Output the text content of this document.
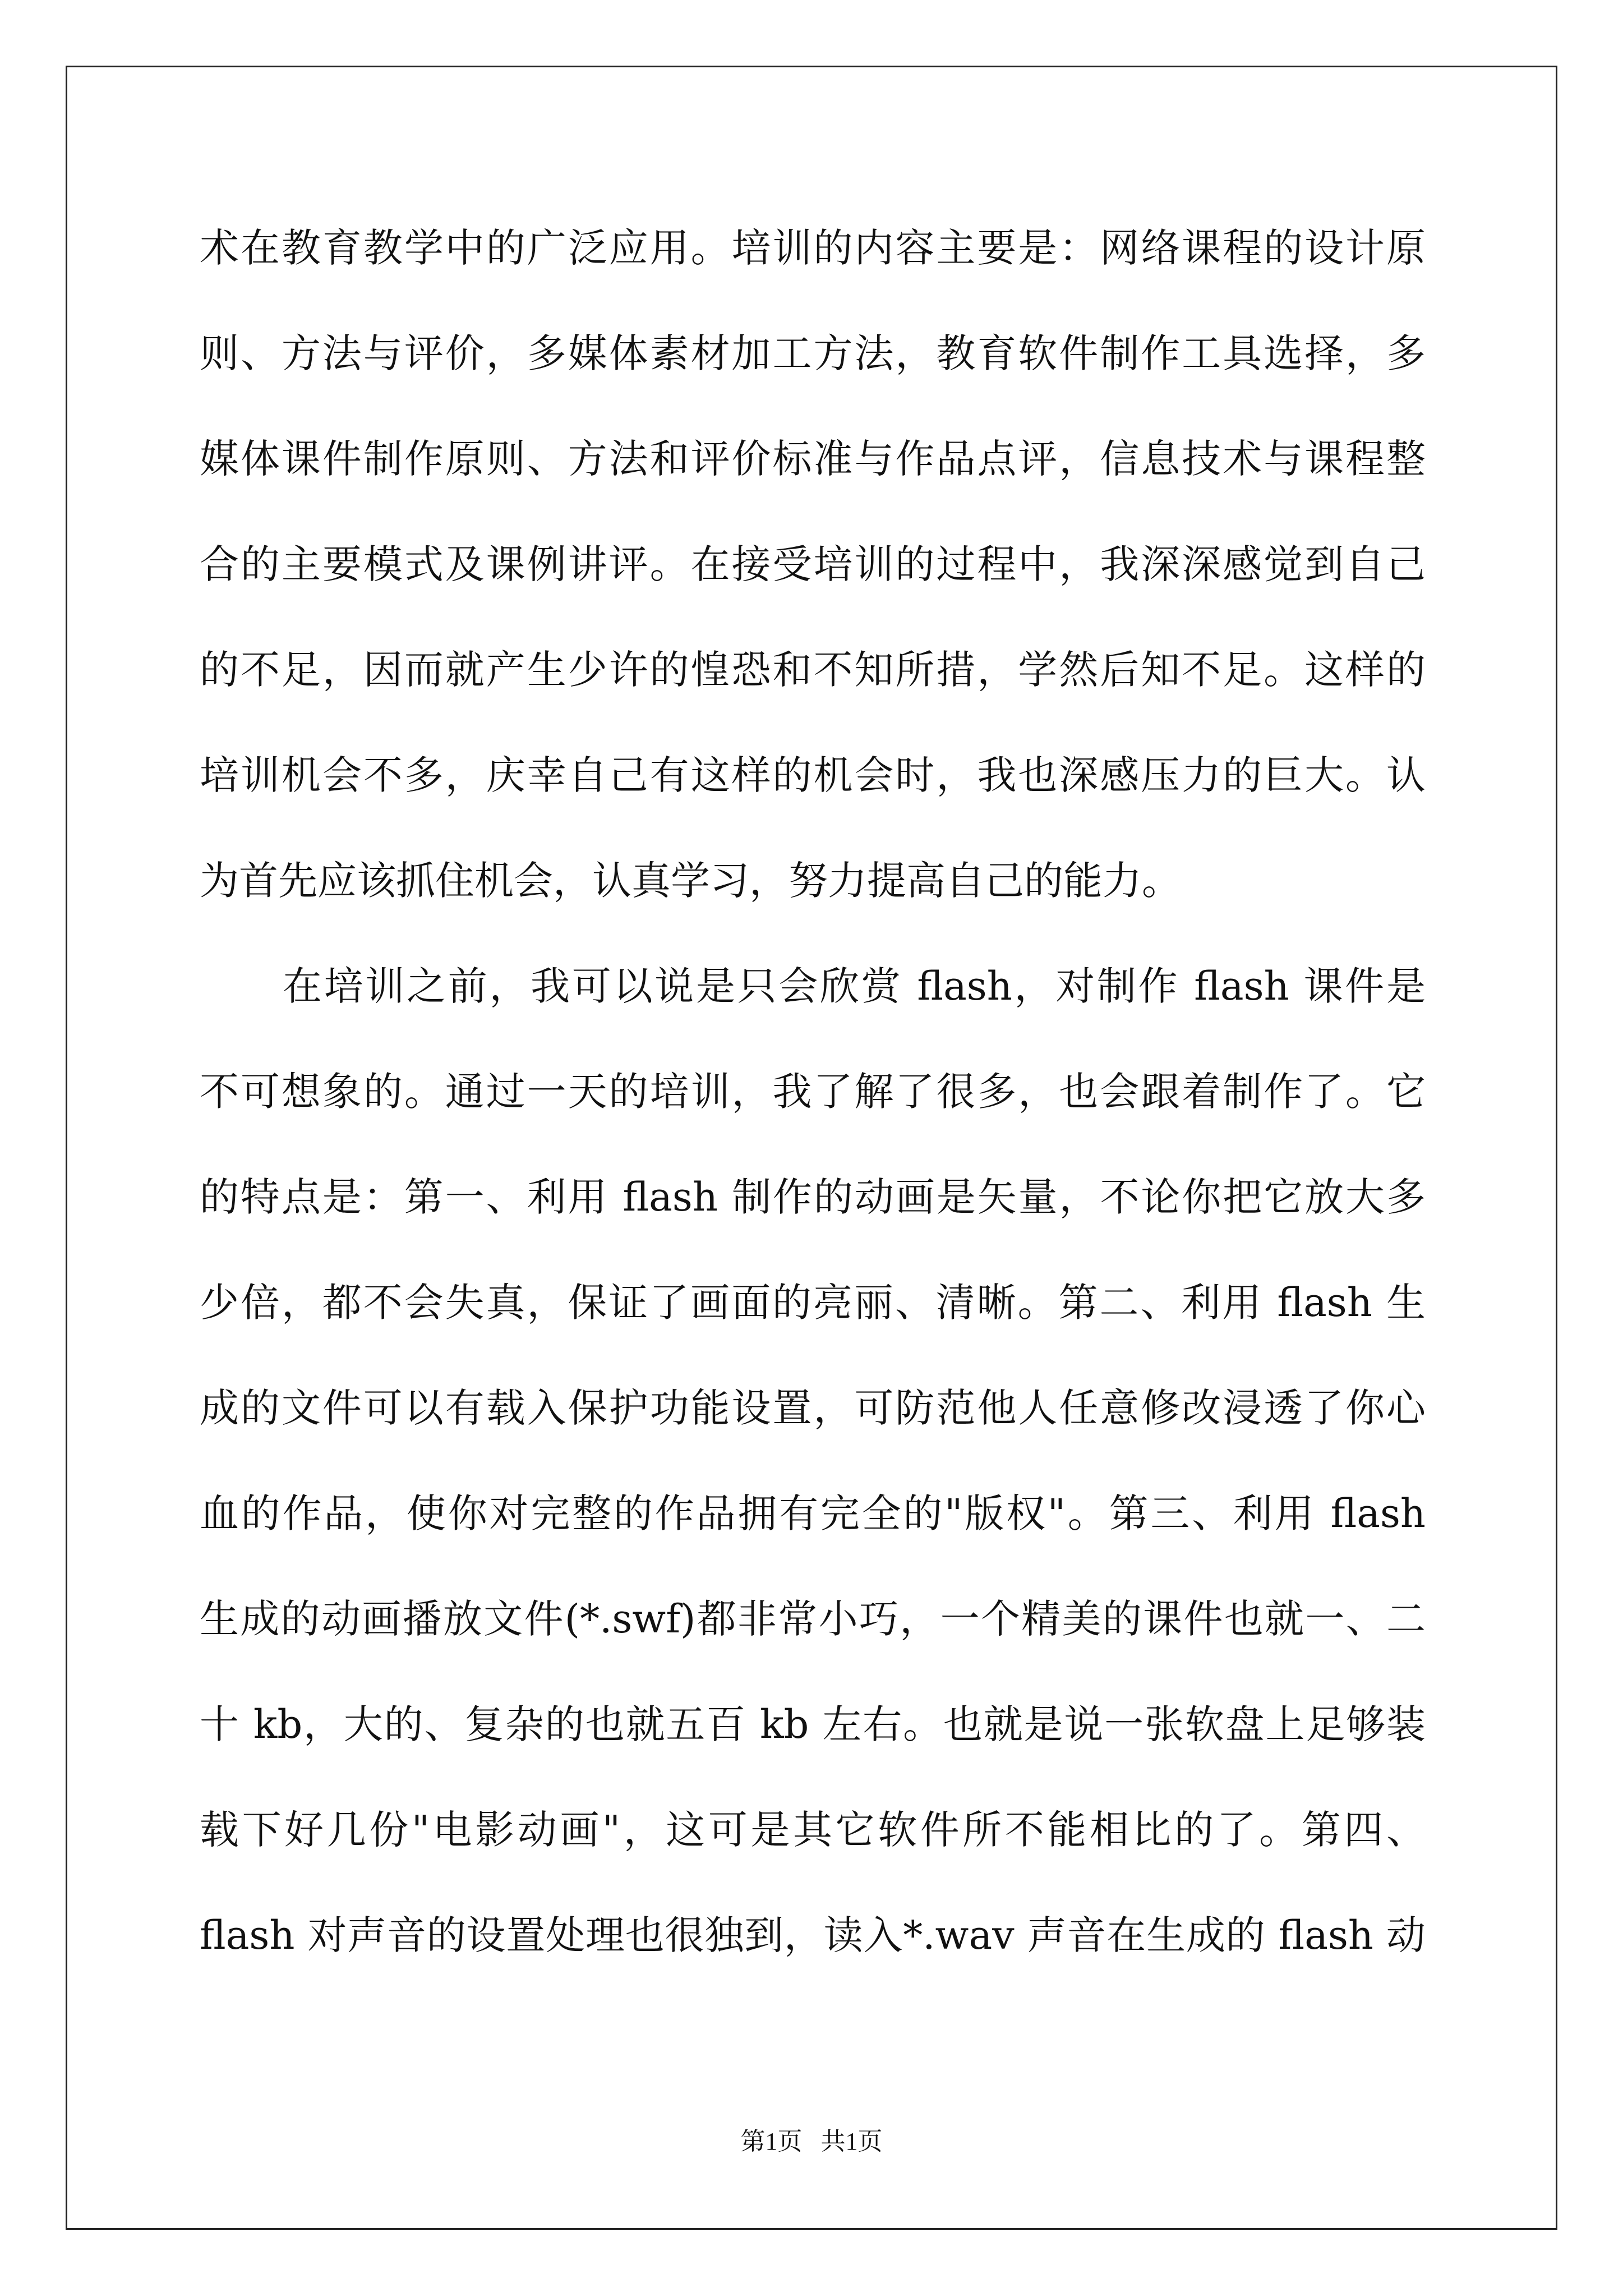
术在教育教学中的广泛应用。培训的内容主要是：网络课程的设计原
则、方法与评价，多媒体素材加工方法，教育软件制作工具选择，多
媒体课件制作原则、方法和评价标准与作品点评，信息技术与课程整
合的主要模式及课例讲评。在接受培训的过程中，我深深感觉到自己
的不足，因而就产生少许的惶恐和不知所措，学然后知不足。这样的
培训机会不多，庆幸自己有这样的机会时，我也深感压力的巨大。认
为首先应该抓住机会，认真学习，努力提高自己的能力。
在培训之前，我可以说是只会欣赏 flash，对制作 flash 课件是
不可想象的。通过一天的培训，我了解了很多，也会跟着制作了。它
的特点是：第一、利用 flash 制作的动画是矢量，不论你把它放大多
少倍，都不会失真，保证了画面的亮丽、清晰。第二、利用 flash 生
成的文件可以有载入保护功能设置，可防范他人任意修改浸透了你心
血的作品，使你对完整的作品拥有完全的"版权"。第三、利用 flash
生成的动画播放文件(*.swf)都非常小巧，一个精美的课件也就一、二
十 kb，大的、复杂的也就五百 kb 左右。也就是说一张软盘上足够装
载下好几份"电影动画"，这可是其它软件所不能相比的了。第四、
flash 对声音的设置处理也很独到，读入*.wav 声音在生成的 flash 动
第1页   共1页
